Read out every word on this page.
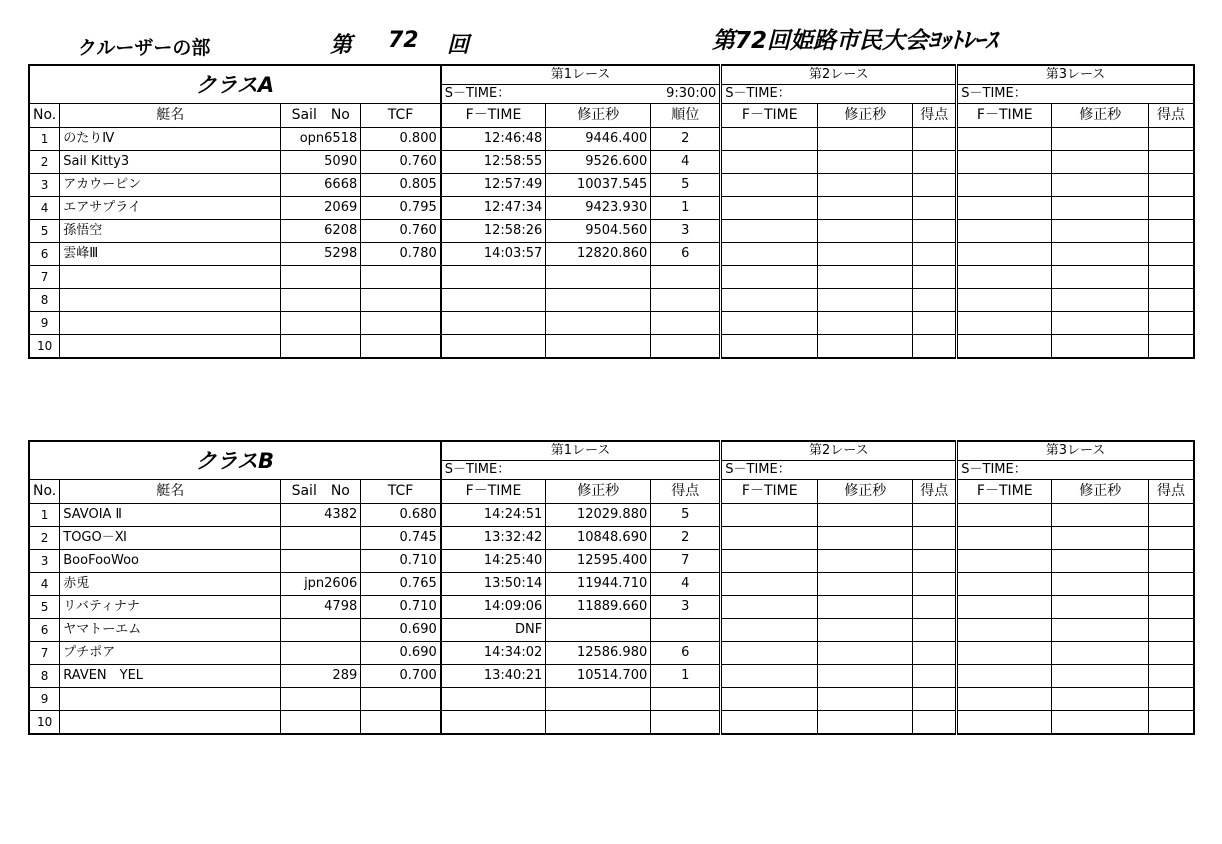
クルーザーの部	第 72 回	第72回姫路市民大会ﾖｯﾄﾚｰｽ
クラスA				第1レース			第2レース			第3レース		
				S－TIME：		9:30:00	S－TIME：			S－TIME：		
No.	艇名	Sail　No	TCF	F－TIME	修正秒	順位	F－TIME	修正秒	得点	F－TIME	修正秒	得点
1	のたりⅣ	opn6518	0.800	12:46:48	9446.400	2						
2	Sail Kitty3	5090	0.760	12:58:55	9526.600	4						
3	アカウーピン	6668	0.805	12:57:49	10037.545	5						
4	エアサプライ	2069	0.795	12:47:34	9423.930	1						
5	孫悟空	6208	0.760	12:58:26	9504.560	3						
6	雲峰Ⅲ	5298	0.780	14:03:57	12820.860	6						
7												
8												
9												
10												
クラスB				第1レース			第2レース			第3レース		
				S－TIME：			S－TIME：			S－TIME：		
No.	艇名	Sail　No	TCF	F－TIME	修正秒	得点	F－TIME	修正秒	得点	F－TIME	修正秒	得点
1	SAVOIA Ⅱ	4382	0.680	14:24:51	12029.880	5						
2	TOGO－Ⅺ		0.745	13:32:42	10848.690	2						
3	BooFooWoo		0.710	14:25:40	12595.400	7						
4	赤兎	jpn2606	0.765	13:50:14	11944.710	4						
5	リバティナナ	4798	0.710	14:09:06	11889.660	3						
6	ヤマトーエム		0.690	DNF								
7	プチポア		0.690	14:34:02	12586.980	6						
8	RAVEN　YEL	289	0.700	13:40:21	10514.700	1						
9												
10												
